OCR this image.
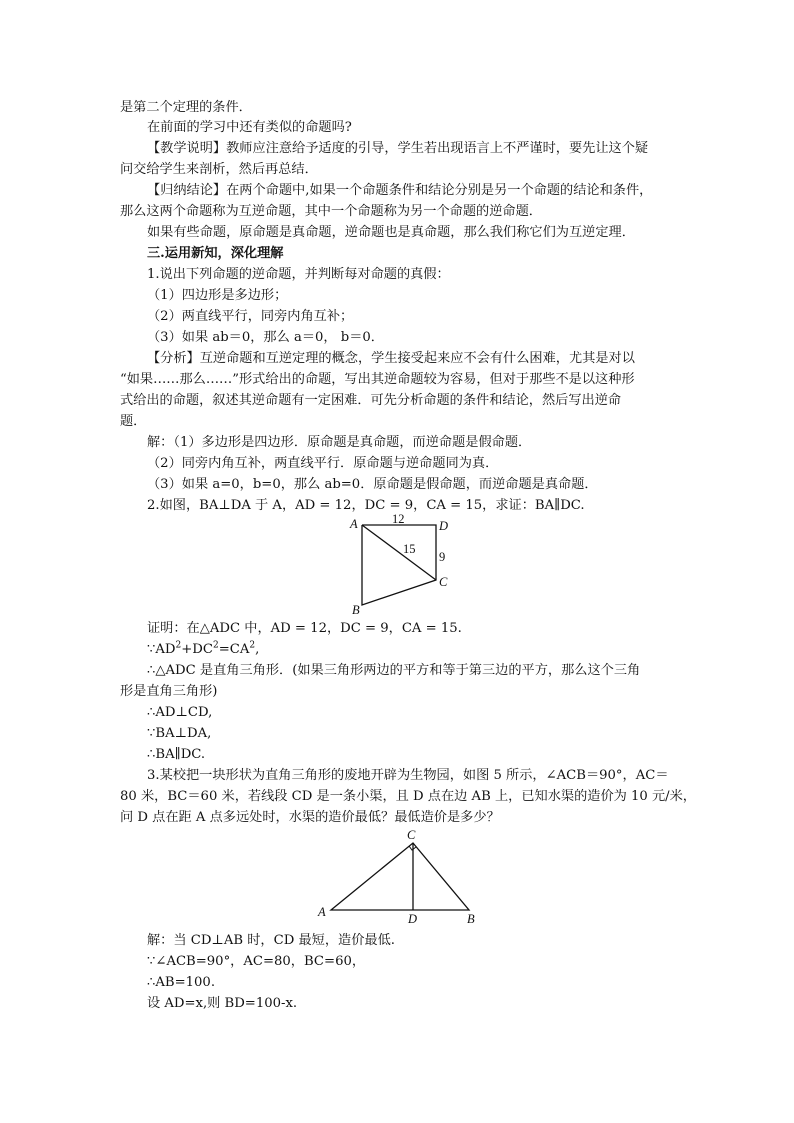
是第二个定理的条件．
在前面的学习中还有类似的命题吗?
【教学说明】教师应注意给予适度的引导，学生若出现语言上不严谨时，要先让这个疑
问交给学生来剖析，然后再总结．
【归纳结论】在两个命题中,如果一个命题条件和结论分别是另一个命题的结论和条件，
那么这两个命题称为互逆命题，其中一个命题称为另一个命题的逆命题．
如果有些命题，原命题是真命题，逆命题也是真命题，那么我们称它们为互逆定理．
三.运用新知，深化理解
1.说出下列命题的逆命题，并判断每对命题的真假：
（1）四边形是多边形；
（2）两直线平行，同旁内角互补；
（3）如果 ab＝0，那么 a＝0， b＝0．
【分析】互逆命题和互逆定理的概念，学生接受起来应不会有什么困难，尤其是对以
“如果……那么……”形式给出的命题，写出其逆命题较为容易，但对于那些不是以这种形
式给出的命题，叙述其逆命题有一定困难．可先分析命题的条件和结论，然后写出逆命
题．
解：（1）多边形是四边形．原命题是真命题，而逆命题是假命题．
（2）同旁内角互补，两直线平行．原命题与逆命题同为真．
（3）如果 a=0，b=0，那么 ab=0．原命题是假命题，而逆命题是真命题．
2.如图，BA⊥DA 于 A，AD = 12，DC = 9，CA = 15，求证：BA∥DC.
A	D
C
B
12
15
9
证明：在△ADC 中，AD = 12，DC = 9，CA = 15.
$\because AD^2+DC^2=CA^2$,
∴△ADC 是直角三角形．(如果三角形两边的平方和等于第三边的平方，那么这个三角
形是直角三角形)
∴AD⊥CD,
∵BA⊥DA,
∴BA∥DC.
3.某校把一块形状为直角三角形的废地开辟为生物园，如图 5 所示，∠ACB＝90°，AC＝
80 米，BC＝60 米，若线段 CD 是一条小渠，且 D 点在边 AB 上，已知水渠的造价为 10 元/米，
问 D 点在距 A 点多远处时，水渠的造价最低？最低造价是多少？
C
A	D	B
解：当 CD⊥AB 时，CD 最短，造价最低.
∵∠ACB=90°，AC=80，BC=60，
∴AB=100.
设 AD=x,则 BD=100-x.
